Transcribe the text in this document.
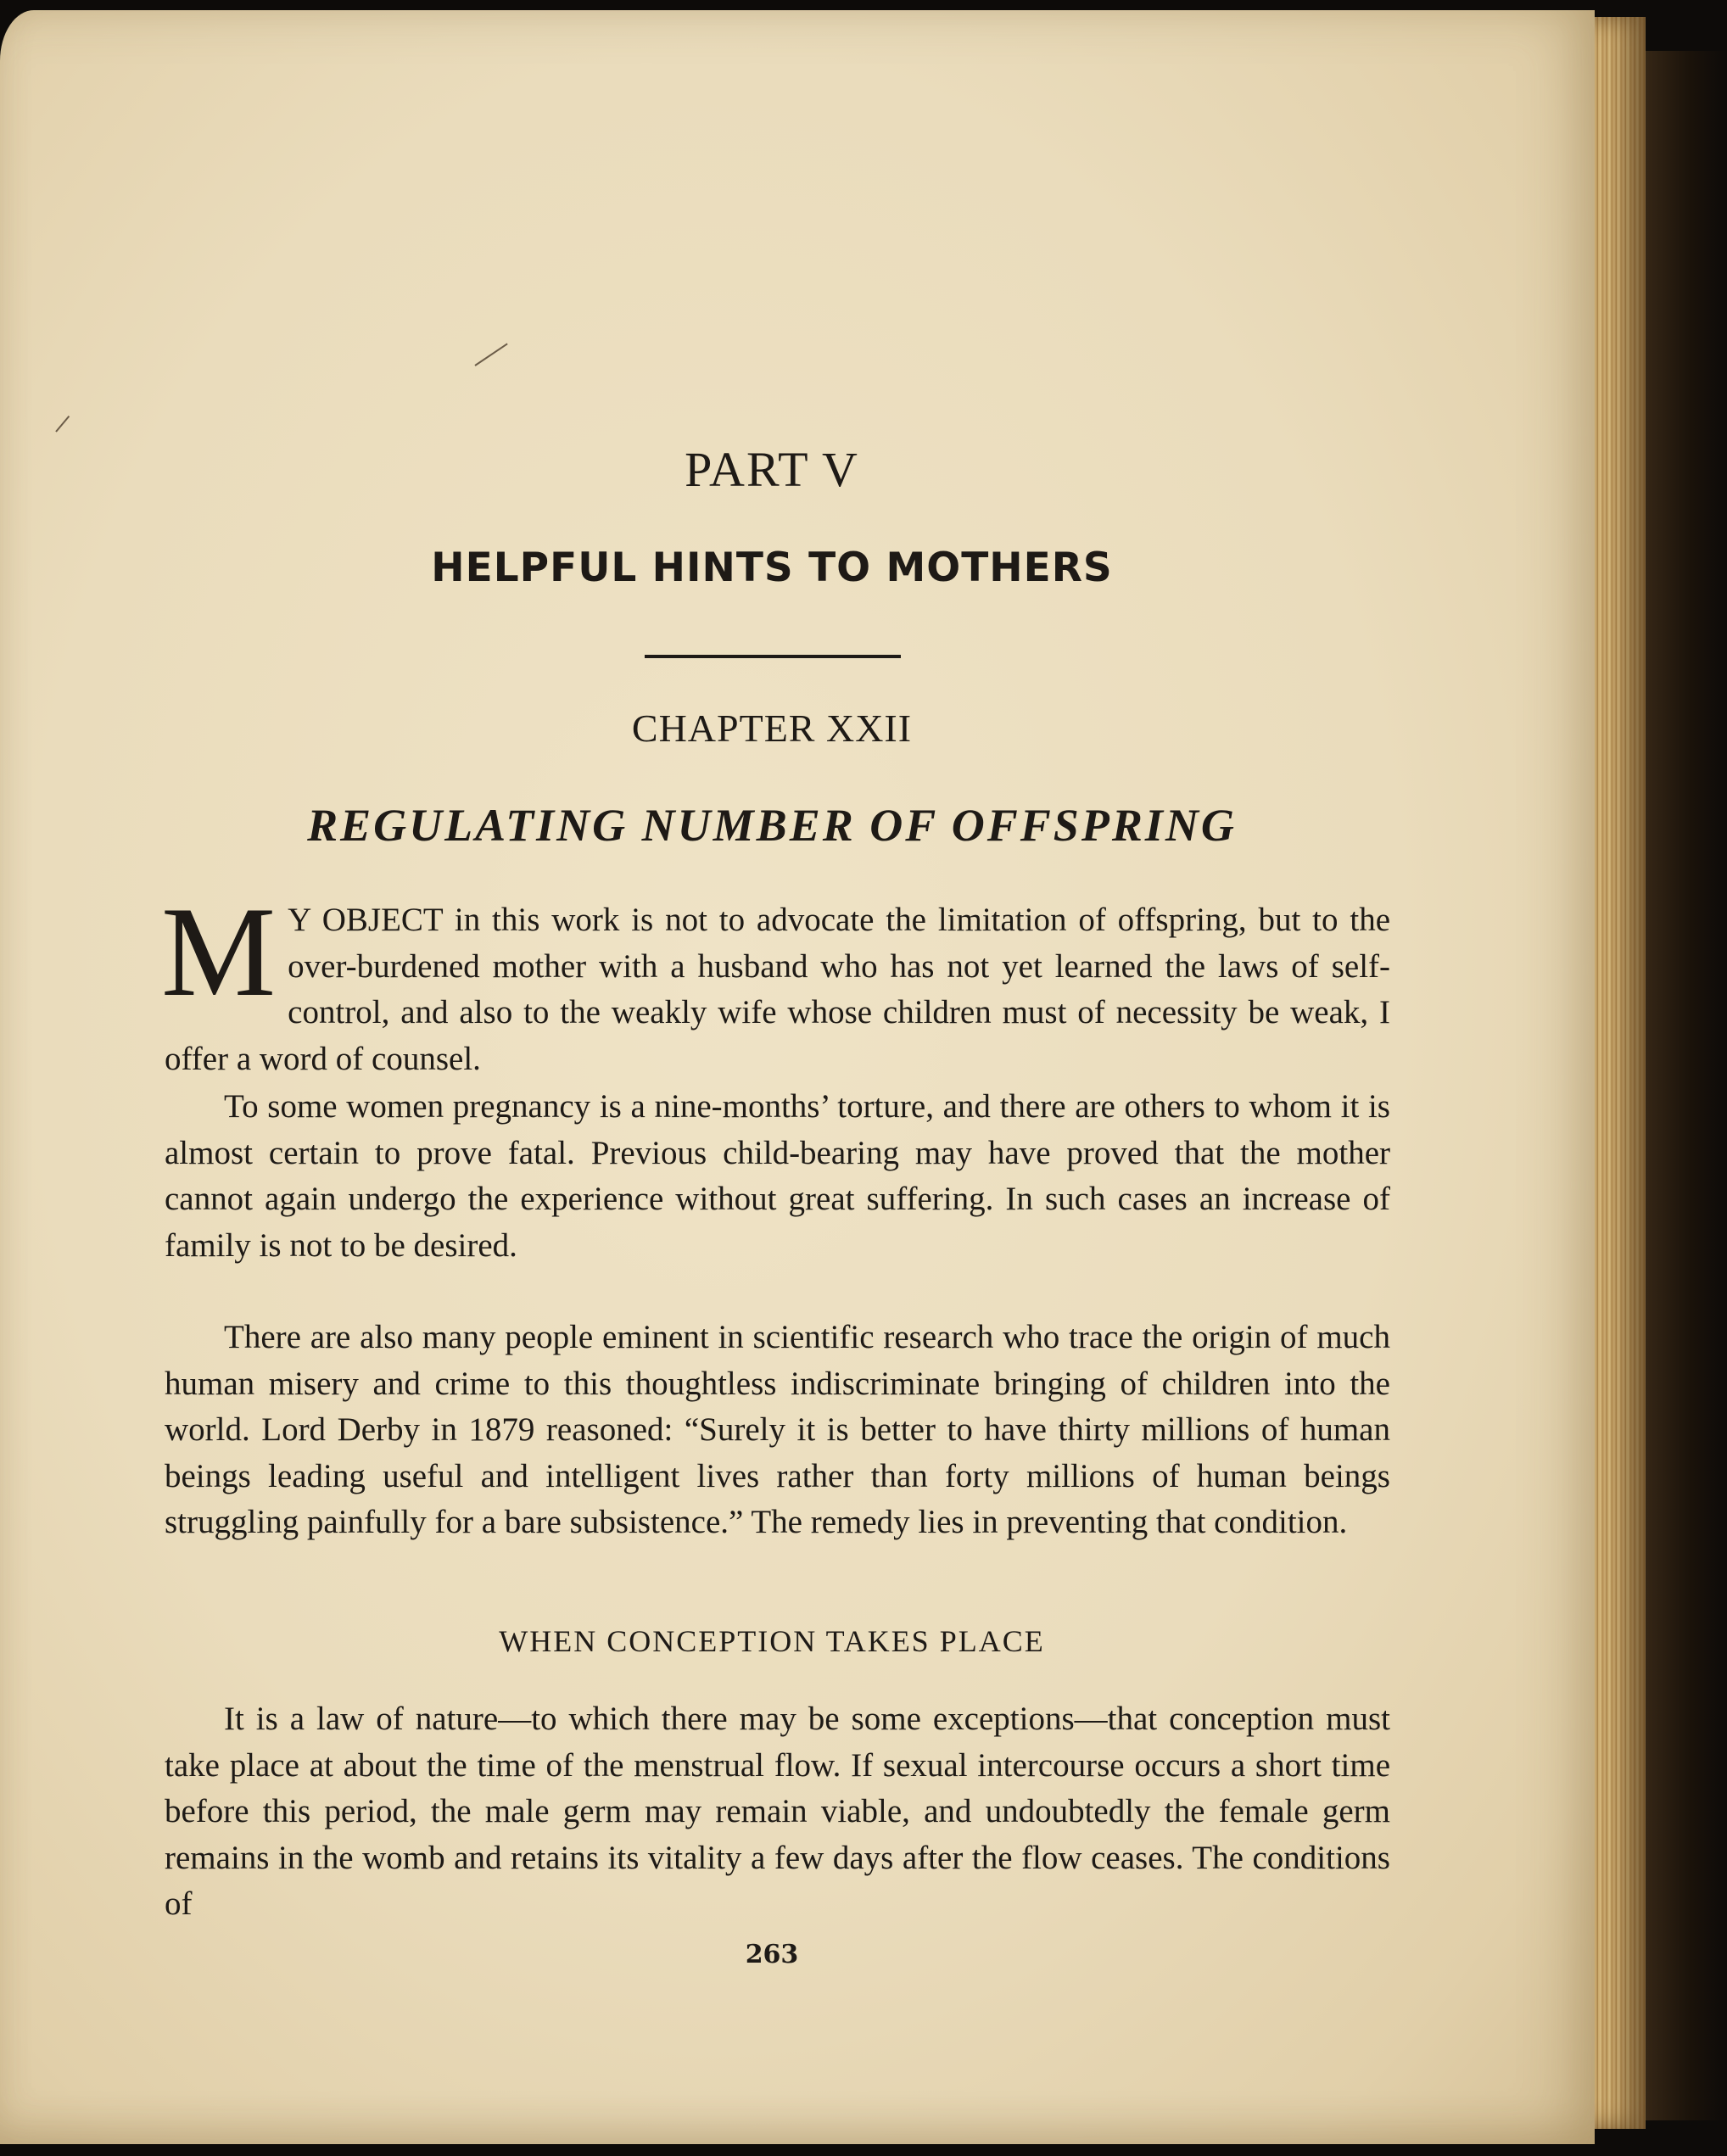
PART V
HELPFUL HINTS TO MOTHERS
CHAPTER XXII
REGULATING NUMBER OF OFFSPRING
M Y OBJECT in this work is not to advocate the limitation of offspring, but to the over-burdened mother with a husband who has not yet learned the laws of self-control, and also to the weakly wife whose children must of necessity be weak, I offer a word of counsel.
To some women pregnancy is a nine-months’ torture, and there are others to whom it is almost certain to prove fatal. Previous child-bearing may have proved that the mother cannot again undergo the experience without great suffering. In such cases an increase of family is not to be desired.
There are also many people eminent in scientific research who trace the origin of much human misery and crime to this thoughtless indiscriminate bringing of children into the world. Lord Derby in 1879 reasoned: “Surely it is better to have thirty millions of human beings leading useful and intelligent lives rather than forty millions of human beings struggling painfully for a bare subsistence.” The remedy lies in preventing that condition.
WHEN CONCEPTION TAKES PLACE
It is a law of nature—to which there may be some exceptions—that conception must take place at about the time of the menstrual flow. If sexual intercourse occurs a short time before this period, the male germ may remain viable, and undoubtedly the female germ remains in the womb and retains its vitality a few days after the flow ceases. The conditions of
263
